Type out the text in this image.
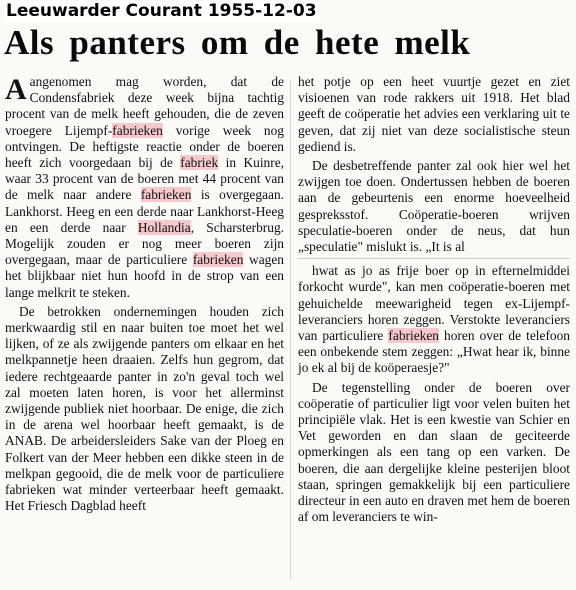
Leeuwarder Courant 1955-12-03
Als panters om de hete melk

Aangenomen mag worden, dat de Condensfabriek deze week bijna tachtig procent van de melk heeft gehouden, die de zeven vroegere Lijempf-fabrieken vorige week nog ontvingen. De heftigste reactie onder de boeren heeft zich voorgedaan bij de fabriek in Kuinre, waar 33 procent van de boeren met 44 procent van de melk naar andere fabrieken is overgegaan. Lankhorst. Heeg en een derde naar Lankhorst-Heeg en een derde naar Hollandia, Scharsterbrug. Mogelijk zouden er nog meer boeren zijn overgegaan, maar de particuliere fabrieken wagen het blijkbaar niet hun hoofd in de strop van een lange melkrit te steken.

De betrokken ondernemingen houden zich merkwaardig stil en naar buiten toe moet het wel lijken, of ze als zwijgende panters om elkaar en het melkpannetje heen draaien. Zelfs hun gegrom, dat iedere rechtgeaarde panter in zo'n geval toch wel zal moeten laten horen, is voor het allerminst zwijgende publiek niet hoorbaar. De enige, die zich in de arena wel hoorbaar heeft gemaakt, is de ANAB. De arbeidersleiders Sake van der Ploeg en Folkert van der Meer hebben een dikke steen in de melkpan gegooid, die de melk voor de particuliere fabrieken wat minder verteerbaar heeft gemaakt. Het Friesch Dagblad heeft

het potje op een heet vuurtje gezet en ziet visioenen van rode rakkers uit 1918. Het blad geeft de coöperatie het advies een verklaring uit te geven, dat zij niet van deze socialistische steun gediend is.

De desbetreffende panter zal ook hier wel het zwijgen toe doen. Ondertussen hebben de boeren aan de gebeurtenis een enorme hoeveelheid gespreksstof. Coöperatie-boeren wrijven speculatie-boeren onder de neus, dat hun „speculatie" mislukt is. „It is al

hwat as jo as frije boer op in efternelmiddei forkocht wurde", kan men coöperatie-boeren met gehuichelde meewarigheid tegen ex-Lijempf-leveranciers horen zeggen. Verstokte leveranciers van particuliere fabrieken horen over de telefoon een onbekende stem zeggen: „Hwat hear ik, binne jo ek al bij de koöperaesje?"

De tegenstelling onder de boeren over coöperatie of particulier ligt voor velen buiten het principiële vlak. Het is een kwestie van Schier en Vet geworden en dan slaan de geciteerde opmerkingen als een tang op een varken. De boeren, die aan dergelijke kleine pesterijen bloot staan, springen gemakkelijk bij een particuliere directeur in een auto en draven met hem de boeren af om leveranciers te win-
